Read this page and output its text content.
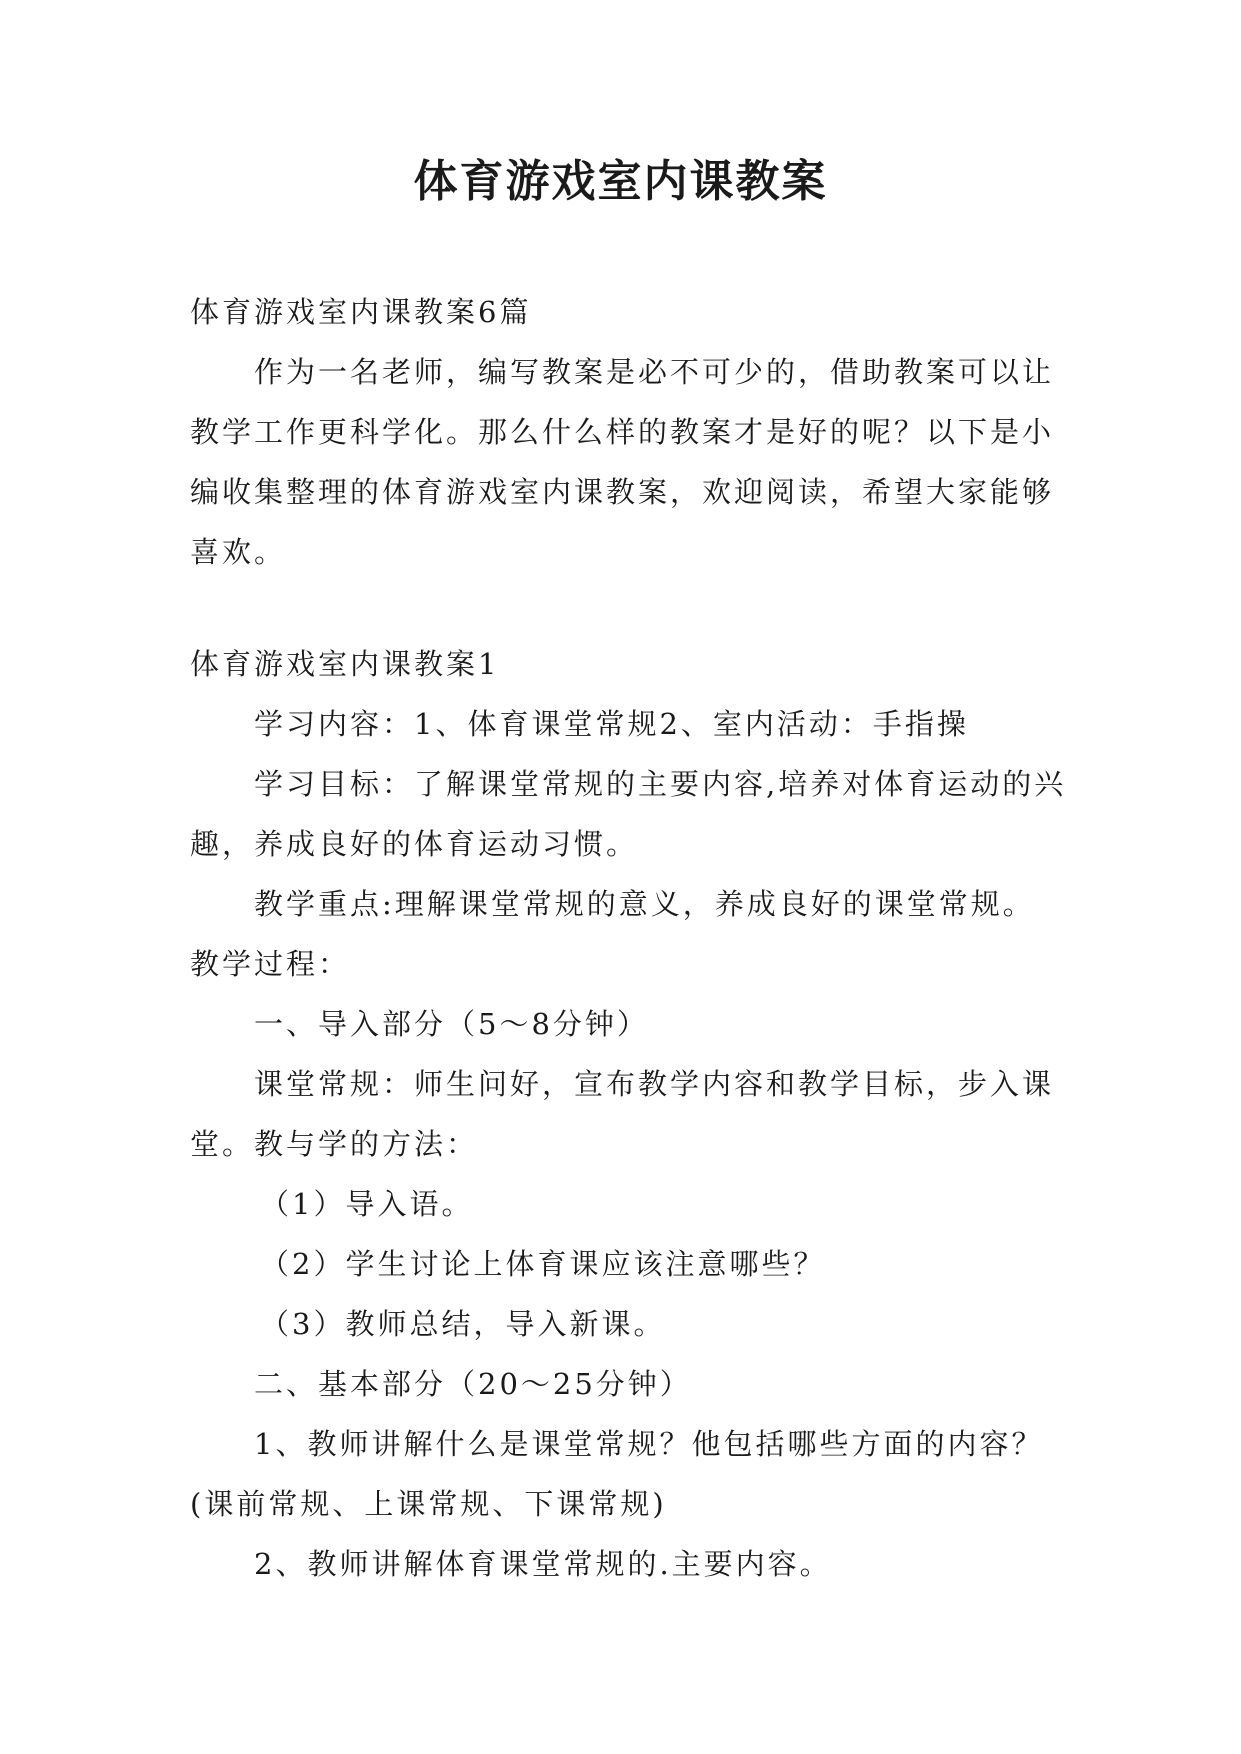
体育游戏室内课教案

体育游戏室内课教案6篇

作为一名老师，编写教案是必不可少的，借助教案可以让教学工作更科学化。那么什么样的教案才是好的呢？以下是小编收集整理的体育游戏室内课教案，欢迎阅读，希望大家能够喜欢。

体育游戏室内课教案1

学习内容：1、体育课堂常规2、室内活动：手指操

学习目标：了解课堂常规的主要内容,培养对体育运动的兴趣，养成良好的体育运动习惯。

教学重点:理解课堂常规的意义，养成良好的课堂常规。

教学过程：

一、导入部分（5～8分钟）

课堂常规：师生问好，宣布教学内容和教学目标，步入课堂。教与学的方法：

（1）导入语。

（2）学生讨论上体育课应该注意哪些？

（3）教师总结，导入新课。

二、基本部分（20～25分钟）

1、教师讲解什么是课堂常规？他包括哪些方面的内容？(课前常规、上课常规、下课常规)

2、教师讲解体育课堂常规的.主要内容。
